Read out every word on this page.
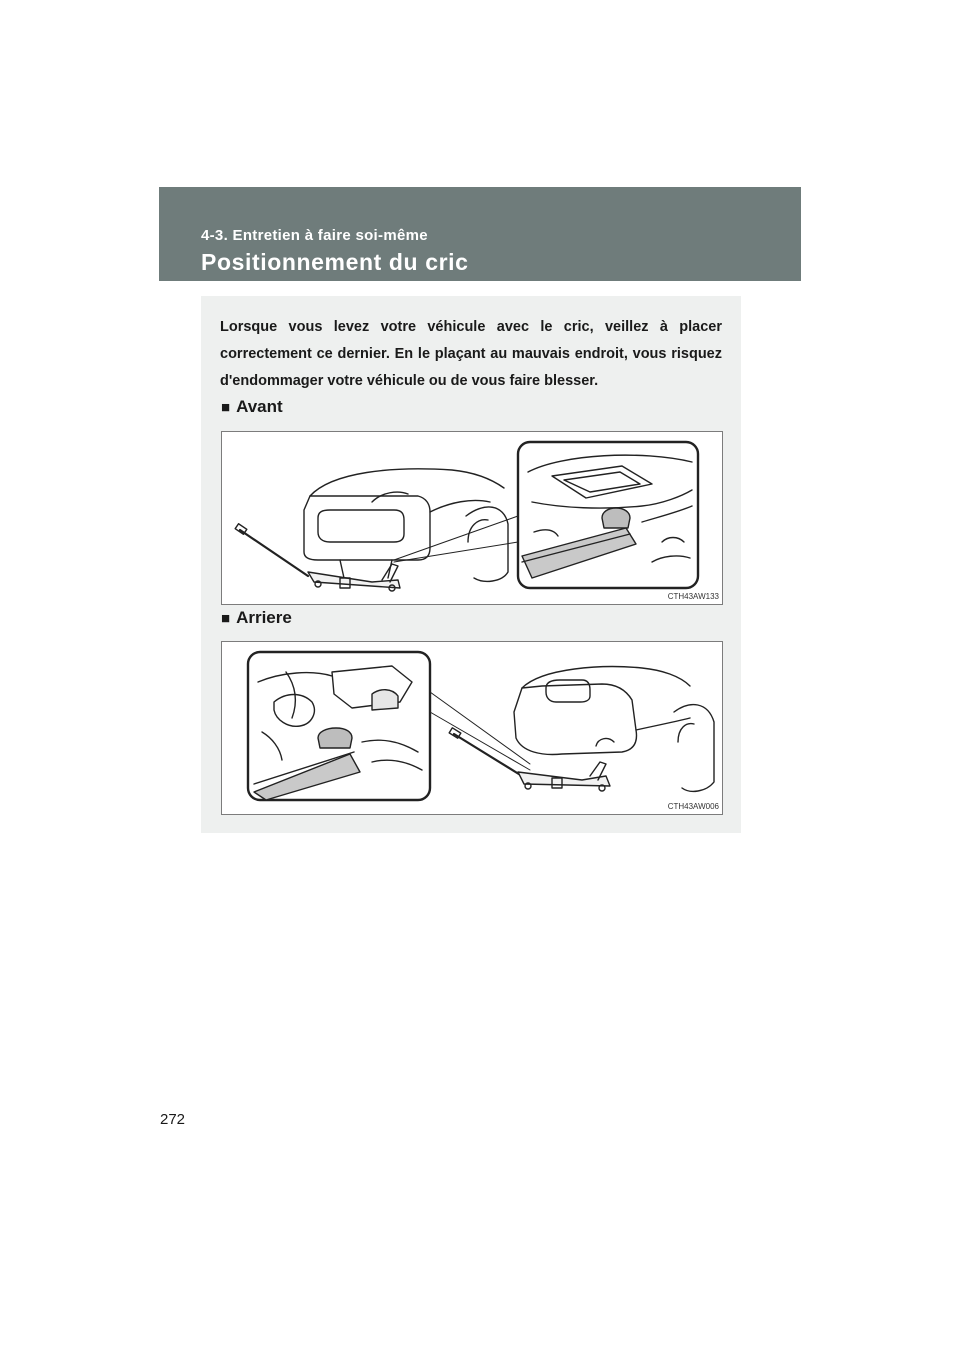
4-3. Entretien à faire soi-même
Positionnement du cric
Lorsque vous levez votre véhicule avec le cric, veillez à placer correctement ce dernier. En le plaçant au mauvais endroit, vous risquez d'endommager votre véhicule ou de vous faire blesser.
■ Avant
CTH43AW133
■ Arriere
CTH43AW006
272
